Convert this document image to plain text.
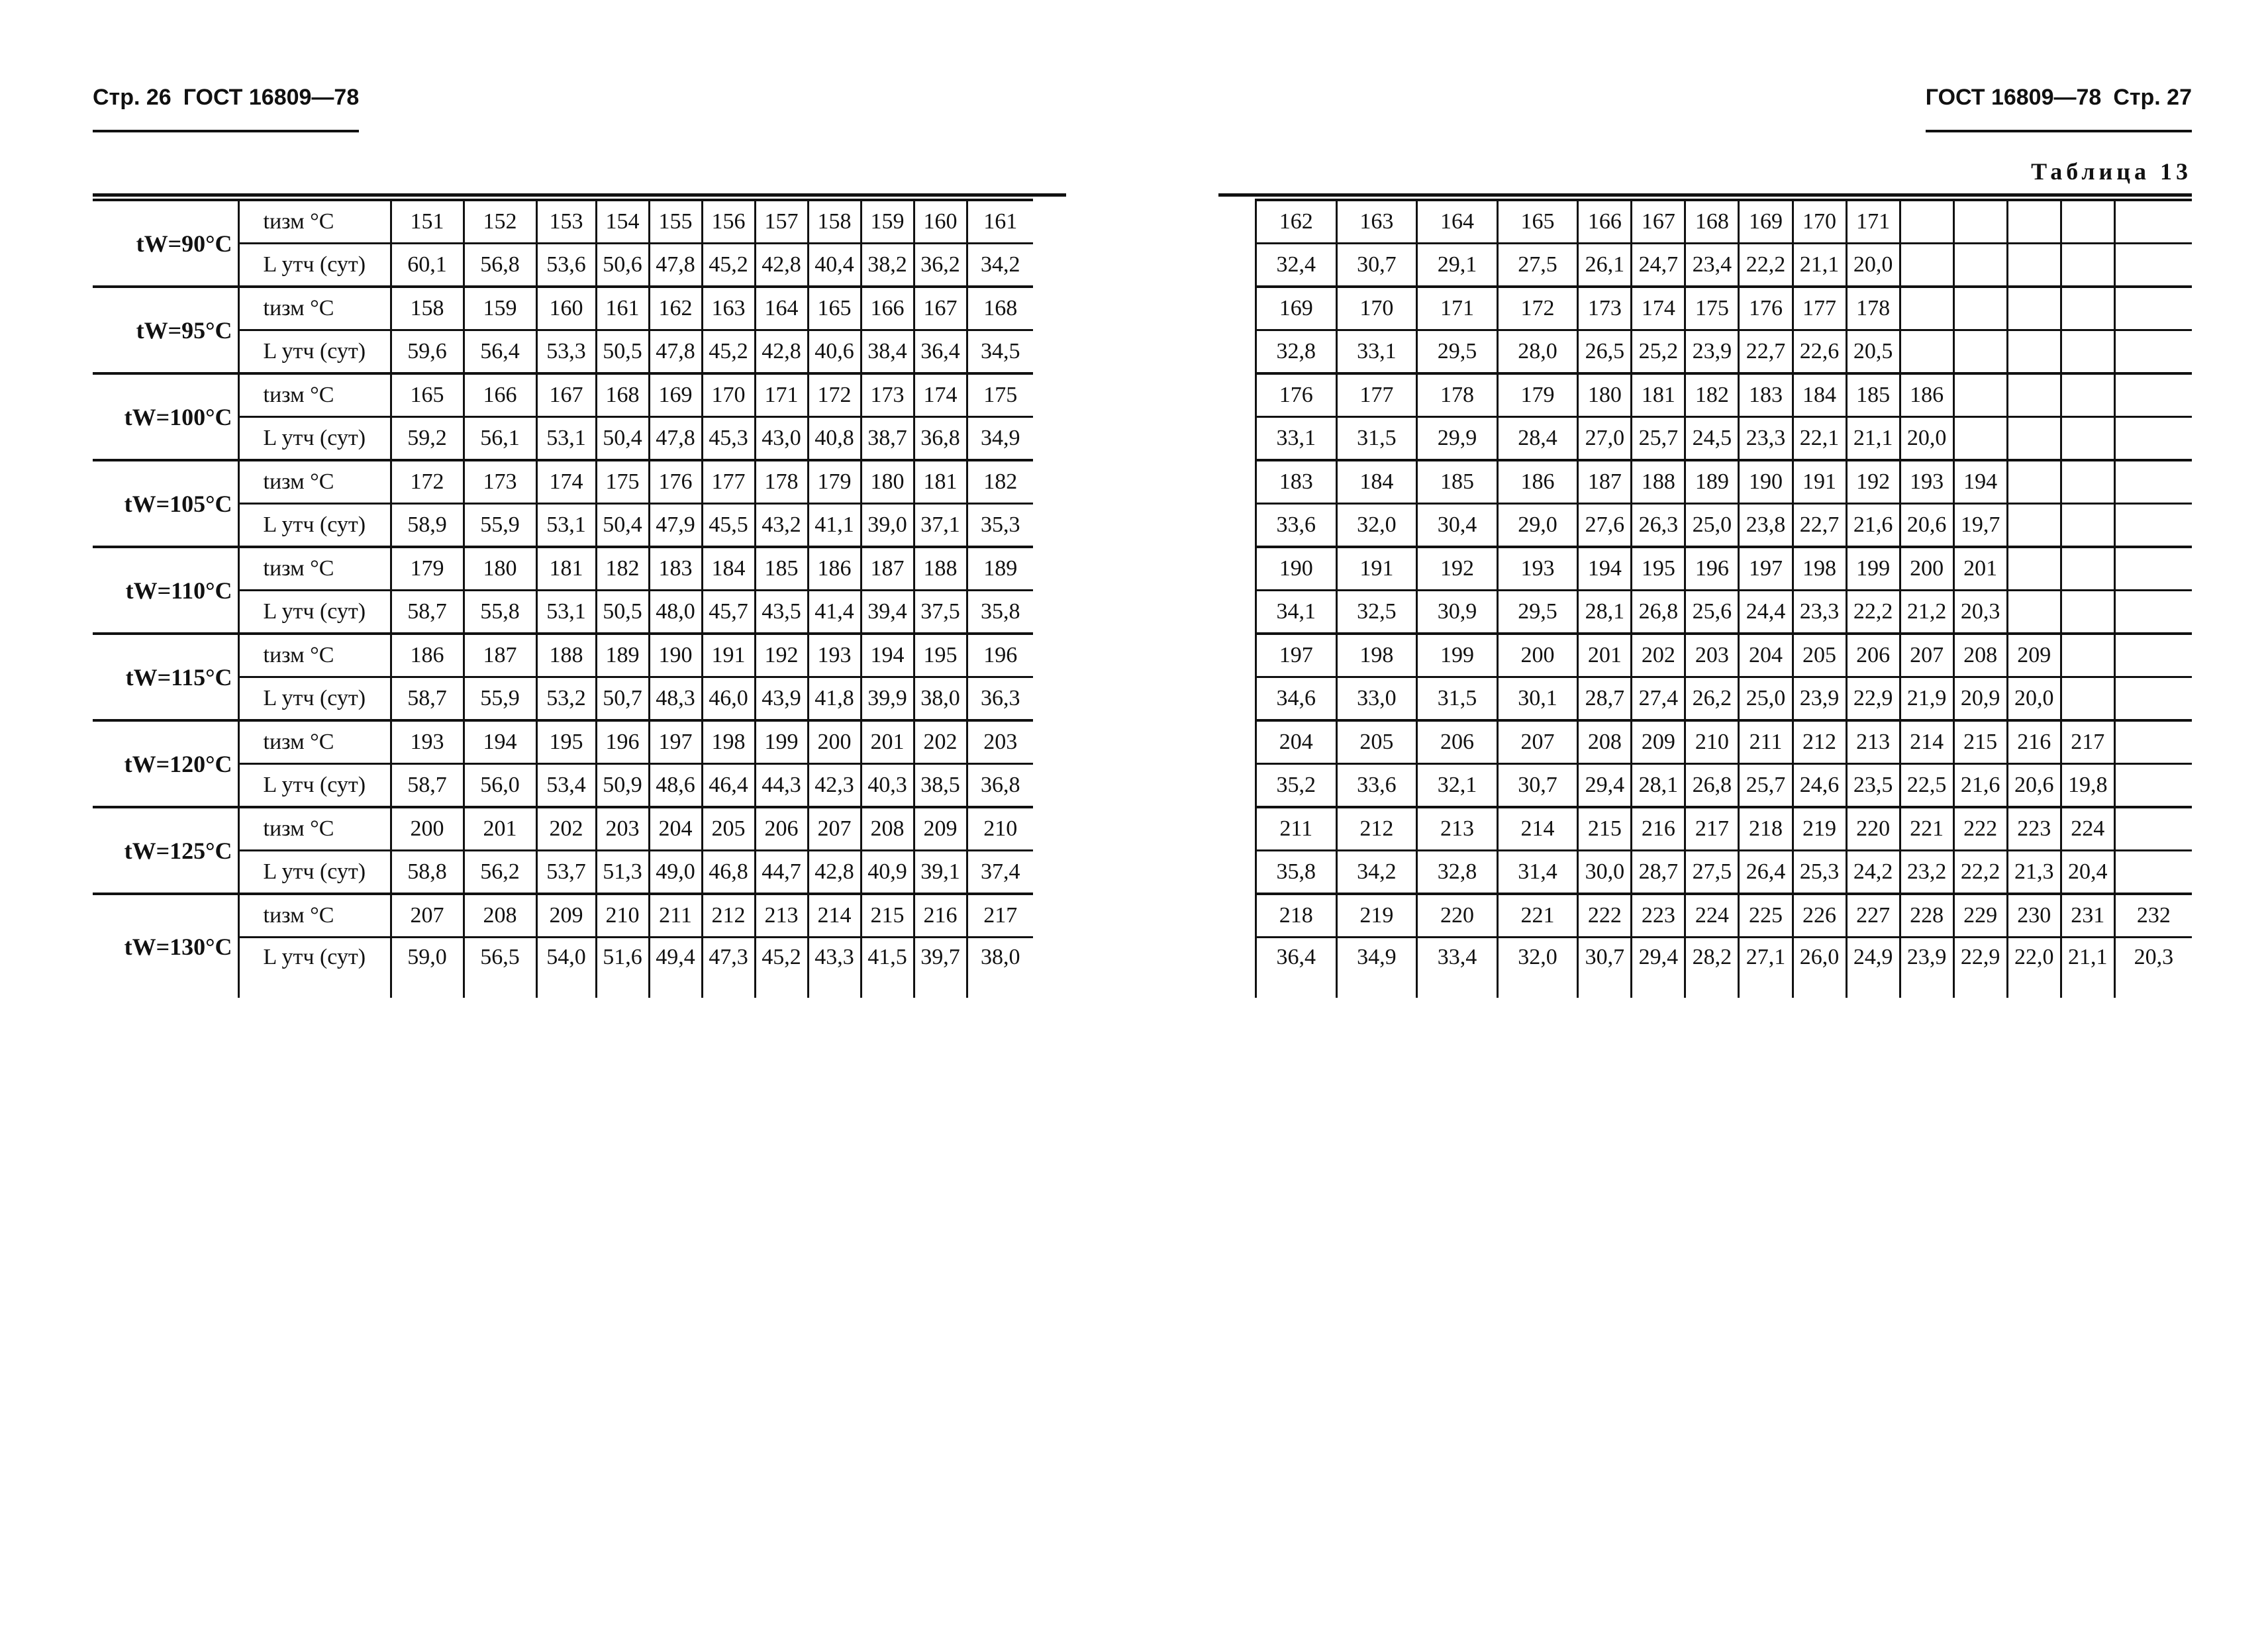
Стр. 26 ГОСТ 16809—78	ГОСТ 16809—78 Стр. 27
Таблица 13
tW=90°C	tизм °C	151	152	153	154	155	156	157	158	159	160	161
	L утч (сут)	60,1	56,8	53,6	50,6	47,8	45,2	42,8	40,4	38,2	36,2	34,2
tW=95°C	tизм °C	158	159	160	161	162	163	164	165	166	167	168
	L утч (сут)	59,6	56,4	53,3	50,5	47,8	45,2	42,8	40,6	38,4	36,4	34,5
tW=100°C	tизм °C	165	166	167	168	169	170	171	172	173	174	175
	L утч (сут)	59,2	56,1	53,1	50,4	47,8	45,3	43,0	40,8	38,7	36,8	34,9
tW=105°C	tизм °C	172	173	174	175	176	177	178	179	180	181	182
	L утч (сут)	58,9	55,9	53,1	50,4	47,9	45,5	43,2	41,1	39,0	37,1	35,3
tW=110°C	tизм °C	179	180	181	182	183	184	185	186	187	188	189
	L утч (сут)	58,7	55,8	53,1	50,5	48,0	45,7	43,5	41,4	39,4	37,5	35,8
tW=115°C	tизм °C	186	187	188	189	190	191	192	193	194	195	196
	L утч (сут)	58,7	55,9	53,2	50,7	48,3	46,0	43,9	41,8	39,9	38,0	36,3
tW=120°C	tизм °C	193	194	195	196	197	198	199	200	201	202	203
	L утч (сут)	58,7	56,0	53,4	50,9	48,6	46,4	44,3	42,3	40,3	38,5	36,8
tW=125°C	tизм °C	200	201	202	203	204	205	206	207	208	209	210
	L утч (сут)	58,8	56,2	53,7	51,3	49,0	46,8	44,7	42,8	40,9	39,1	37,4
tW=130°C	tизм °C	207	208	209	210	211	212	213	214	215	216	217
	L утч (сут)	59,0	56,5	54,0	51,6	49,4	47,3	45,2	43,3	41,5	39,7	38,0
162	163	164	165	166	167	168	169	170	171					
32,4	30,7	29,1	27,5	26,1	24,7	23,4	22,2	21,1	20,0					
169	170	171	172	173	174	175	176	177	178					
32,8	33,1	29,5	28,0	26,5	25,2	23,9	22,7	22,6	20,5					
176	177	178	179	180	181	182	183	184	185	186				
33,1	31,5	29,9	28,4	27,0	25,7	24,5	23,3	22,1	21,1	20,0				
183	184	185	186	187	188	189	190	191	192	193	194			
33,6	32,0	30,4	29,0	27,6	26,3	25,0	23,8	22,7	21,6	20,6	19,7			
190	191	192	193	194	195	196	197	198	199	200	201			
34,1	32,5	30,9	29,5	28,1	26,8	25,6	24,4	23,3	22,2	21,2	20,3			
197	198	199	200	201	202	203	204	205	206	207	208	209		
34,6	33,0	31,5	30,1	28,7	27,4	26,2	25,0	23,9	22,9	21,9	20,9	20,0		
204	205	206	207	208	209	210	211	212	213	214	215	216	217	
35,2	33,6	32,1	30,7	29,4	28,1	26,8	25,7	24,6	23,5	22,5	21,6	20,6	19,8	
211	212	213	214	215	216	217	218	219	220	221	222	223	224	
35,8	34,2	32,8	31,4	30,0	28,7	27,5	26,4	25,3	24,2	23,2	22,2	21,3	20,4	
218	219	220	221	222	223	224	225	226	227	228	229	230	231	232
36,4	34,9	33,4	32,0	30,7	29,4	28,2	27,1	26,0	24,9	23,9	22,9	22,0	21,1	20,3
